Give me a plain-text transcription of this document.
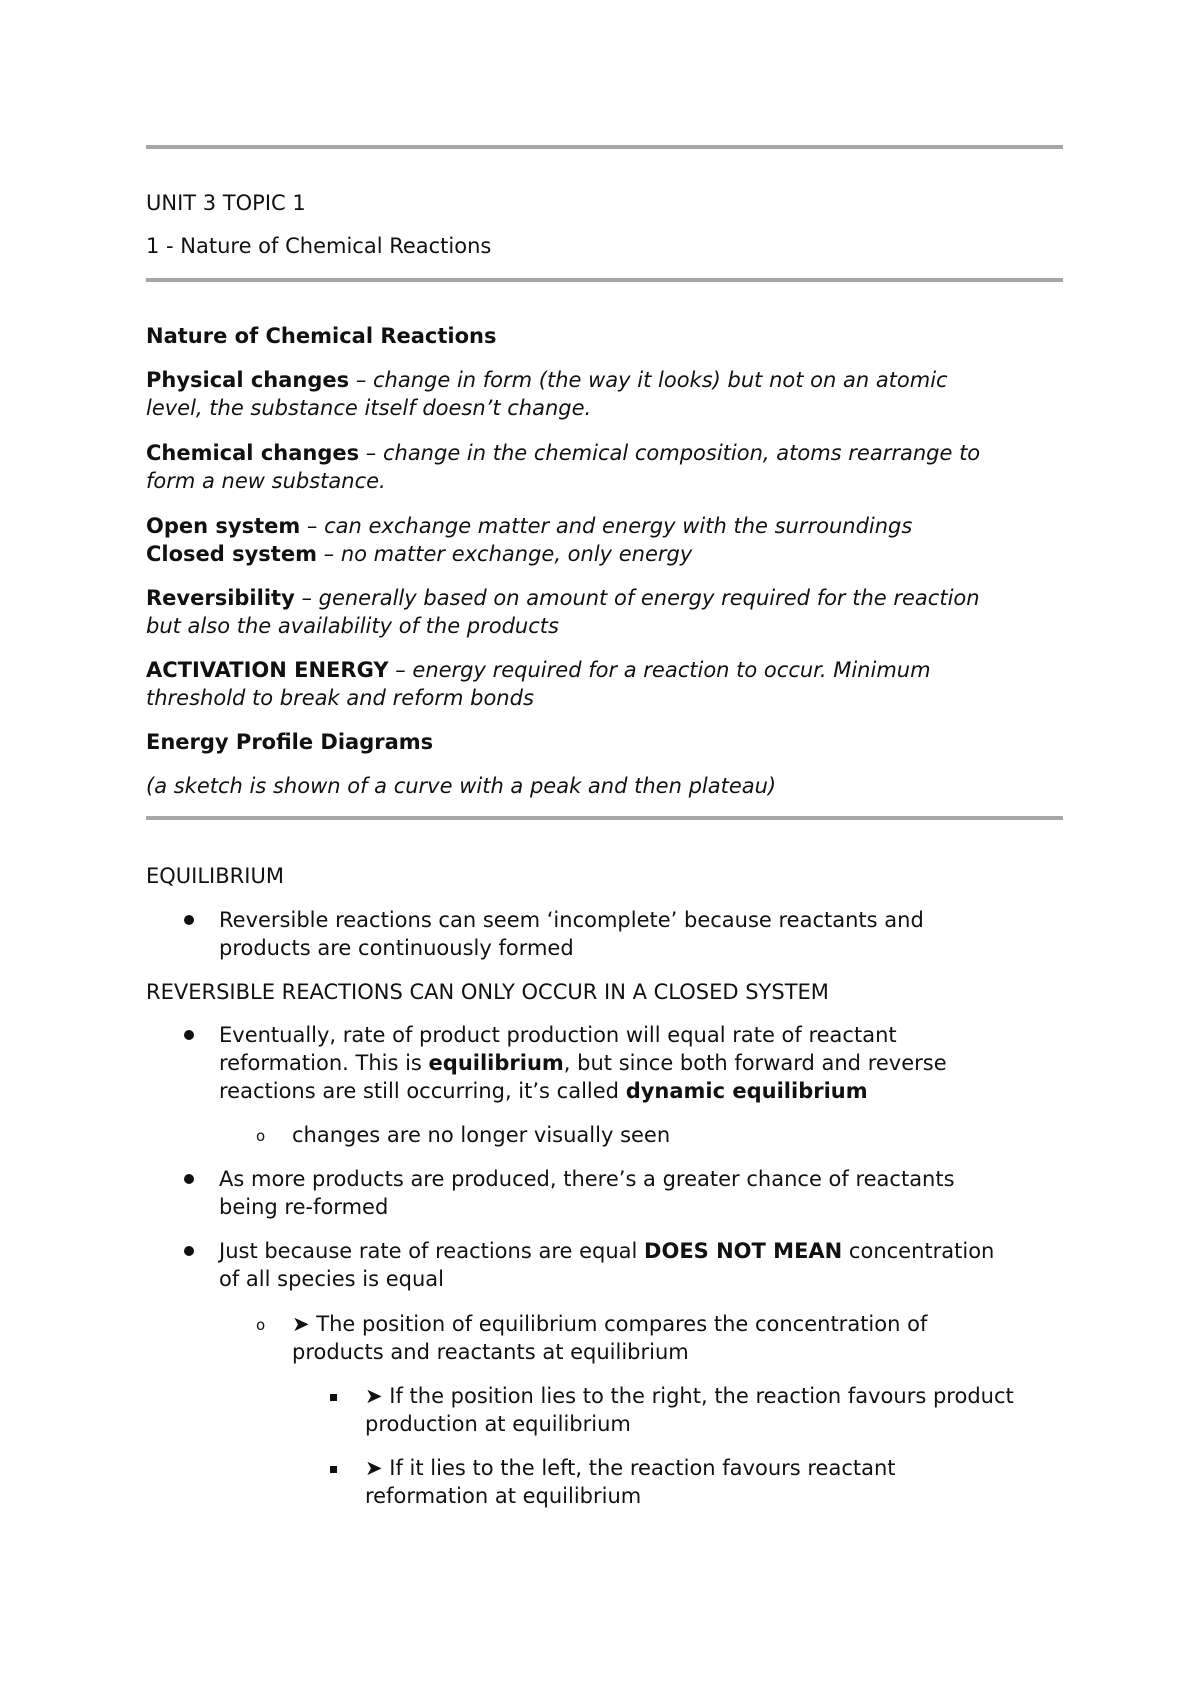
UNIT 3 TOPIC 1
1 - Nature of Chemical Reactions
Nature of Chemical Reactions
Physical changes – change in form (the way it looks) but not on an atomic
level, the substance itself doesn’t change.
Chemical changes – change in the chemical composition, atoms rearrange to
form a new substance.
Open system – can exchange matter and energy with the surroundings
Closed system – no matter exchange, only energy
Reversibility – generally based on amount of energy required for the reaction
but also the availability of the products
ACTIVATION ENERGY – energy required for a reaction to occur. Minimum
threshold to break and reform bonds
Energy Profile Diagrams
(a sketch is shown of a curve with a peak and then plateau)
EQUILIBRIUM
Reversible reactions can seem ‘incomplete’ because reactants and
products are continuously formed
REVERSIBLE REACTIONS CAN ONLY OCCUR IN A CLOSED SYSTEM
Eventually, rate of product production will equal rate of reactant
reformation. This is equilibrium, but since both forward and reverse
reactions are still occurring, it’s called dynamic equilibrium
o changes are no longer visually seen
As more products are produced, there’s a greater chance of reactants
being re-formed
Just because rate of reactions are equal DOES NOT MEAN concentration
of all species is equal
o ➤ The position of equilibrium compares the concentration of
products and reactants at equilibrium
➤ If the position lies to the right, the reaction favours product
production at equilibrium
➤ If it lies to the left, the reaction favours reactant
reformation at equilibrium
